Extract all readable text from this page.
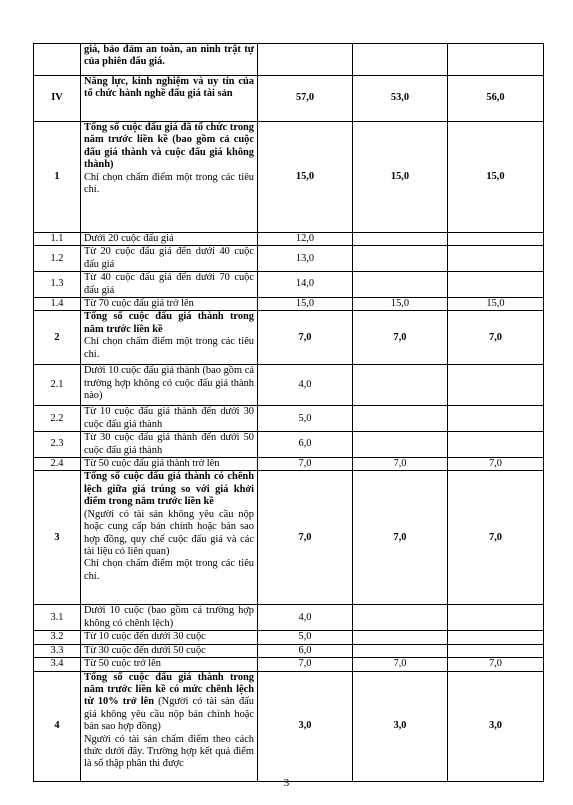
	giá, bảo đảm an toàn, an ninh trật tự của phiên đấu giá.			

IV	Năng lực, kinh nghiệm và uy tín của tổ chức hành nghề đấu giá tài sản	57,0	53,0	56,0
1	Tổng số cuộc đấu giá đã tổ chức trong năm trước liền kề (bao gồm cả cuộc đấu giá thành và cuộc đấu giá không thành)
Chỉ chọn chấm điểm một trong các tiêu chí.	15,0	15,0	15,0
1.1	Dưới 20 cuộc đấu giá	12,0		
1.2	Từ 20 cuộc đấu giá đến dưới 40 cuộc đấu giá	13,0		
1.3	Từ 40 cuộc đấu giá đến dưới 70 cuộc đấu giá	14,0		
1.4	Từ 70 cuộc đấu giá trở lên	15,0	15,0	15,0
2	Tổng số cuộc đấu giá thành trong năm trước liền kề
Chỉ chọn chấm điểm một trong các tiêu chí.	7,0	7,0	7,0
2.1	Dưới 10 cuộc đấu giá thành (bao gồm cả trường hợp không có cuộc đấu giá thành nào)	4,0		
2.2	Từ 10 cuộc đấu giá thành đến dưới 30 cuộc đấu giá thành	5,0		
2.3	Từ 30 cuộc đấu giá thành đến dưới 50 cuộc đấu giá thành	6,0		
2.4	Từ 50 cuộc đấu giá thành trở lên	7,0	7,0	7,0
3	Tổng số cuộc đấu giá thành có chênh lệch giữa giá trúng so với giá khởi điểm trong năm trước liền kề
(Người có tài sản không yêu cầu nộp hoặc cung cấp bản chính hoặc bản sao hợp đồng, quy chế cuộc đấu giá và các tài liệu có liên quan)
Chỉ chọn chấm điểm một trong các tiêu chí.	7,0	7,0	7,0
3.1	Dưới 10 cuộc (bao gồm cả trường hợp không có chênh lệch)	4,0		
3.2	Từ 10 cuộc đến dưới 30 cuộc	5,0		
3.3	Từ 30 cuộc đến dưới 50 cuộc	6,0		
3.4	Từ 50 cuộc trở lên	7,0	7,0	7,0
4	Tổng số cuộc đấu giá thành trong năm trước liền kề có mức chênh lệch từ 10% trở lên (Người có tài sản đấu giá không yêu cầu nộp bản chính hoặc bản sao hợp đồng)
Người có tài sản chấm điểm theo cách thức dưới đây. Trường hợp kết quả điểm là số thập phân thì được	3,0	3,0	3,0
3
